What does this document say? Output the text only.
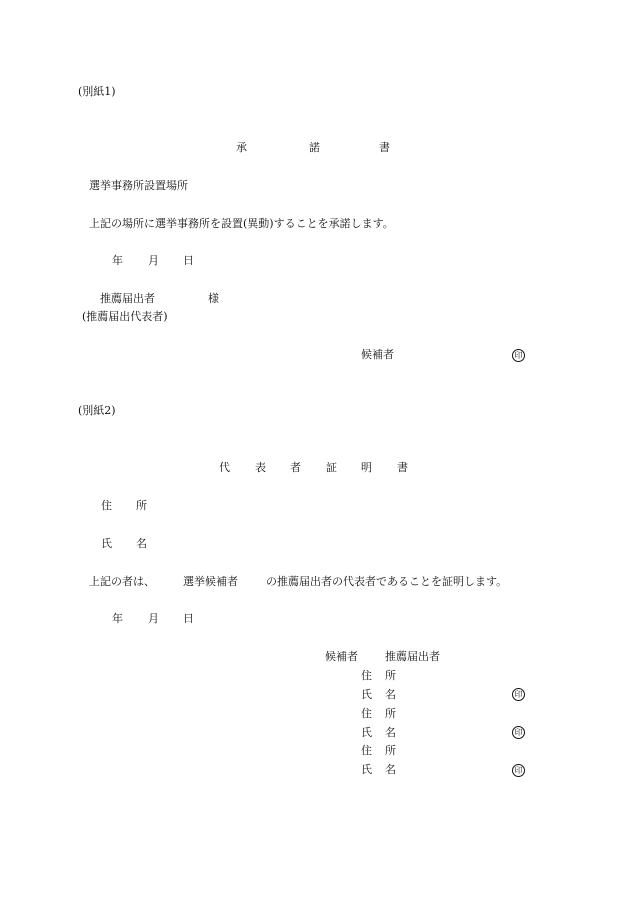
(別紙1)
承	諾	書
選挙事務所設置場所
上記の場所に選挙事務所を設置(異動)することを承諾します。
年 月 日
推薦届出者	様
(推薦届出代表者)
候補者	印
(別紙2)
代 表 者 証 明 書
住 所
氏 名
上記の者は、	選挙候補者	の推薦届出者の代表者であることを証明します。
年 月 日
候補者 推薦届出者
住 所
氏 名	印
住 所
氏 名	印
住 所
氏 名	印
